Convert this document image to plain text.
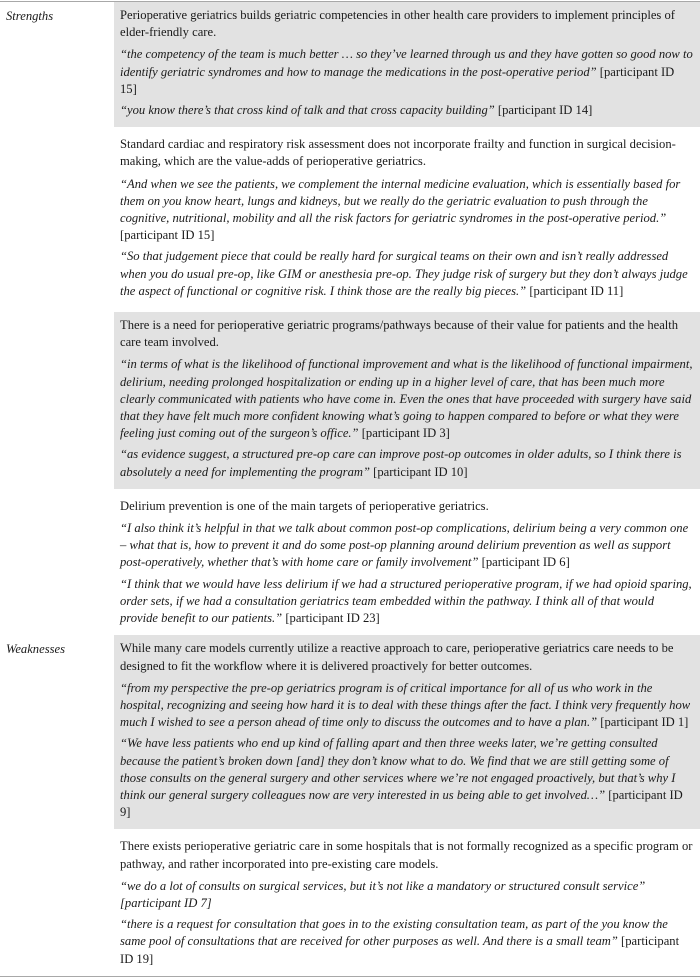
Strengths	Perioperative geriatrics builds geriatric competencies in other health care providers to implement principles of elder-friendly care.

“the competency of the team is much better … so they’ve learned through us and they have gotten so good now to identify geriatric syndromes and how to manage the medications in the post-operative period” [participant ID 15]

“you know there’s that cross kind of talk and that cross capacity building” [participant ID 14]

Standard cardiac and respiratory risk assessment does not incorporate frailty and function in surgical decision-making, which are the value-adds of perioperative geriatrics.

“And when we see the patients, we complement the internal medicine evaluation, which is essentially based for them on you know heart, lungs and kidneys, but we really do the geriatric evaluation to push through the cognitive, nutritional, mobility and all the risk factors for geriatric syndromes in the post-operative period.” [participant ID 15]

“So that judgement piece that could be really hard for surgical teams on their own and isn’t really addressed when you do usual pre-op, like GIM or anesthesia pre-op. They judge risk of surgery but they don’t always judge the aspect of functional or cognitive risk. I think those are the really big pieces.” [participant ID 11]

There is a need for perioperative geriatric programs/pathways because of their value for patients and the health care team involved.

“in terms of what is the likelihood of functional improvement and what is the likelihood of functional impairment, delirium, needing prolonged hospitalization or ending up in a higher level of care, that has been much more clearly communicated with patients who have come in. Even the ones that have proceeded with surgery have said that they have felt much more confident knowing what’s going to happen compared to before or what they were feeling just coming out of the surgeon’s office.” [participant ID 3]

“as evidence suggest, a structured pre-op care can improve post-op outcomes in older adults, so I think there is absolutely a need for implementing the program” [participant ID 10]

Delirium prevention is one of the main targets of perioperative geriatrics.

“I also think it’s helpful in that we talk about common post-op complications, delirium being a very common one – what that is, how to prevent it and do some post-op planning around delirium prevention as well as support post-operatively, whether that’s with home care or family involvement” [participant ID 6]

“I think that we would have less delirium if we had a structured perioperative program, if we had opioid sparing, order sets, if we had a consultation geriatrics team embedded within the pathway. I think all of that would provide benefit to our patients.” [participant ID 23]

Weaknesses	While many care models currently utilize a reactive approach to care, perioperative geriatrics care needs to be designed to fit the workflow where it is delivered proactively for better outcomes.

“from my perspective the pre-op geriatrics program is of critical importance for all of us who work in the hospital, recognizing and seeing how hard it is to deal with these things after the fact. I think very frequently how much I wished to see a person ahead of time only to discuss the outcomes and to have a plan.” [participant ID 1]

“We have less patients who end up kind of falling apart and then three weeks later, we’re getting consulted because the patient’s broken down [and] they don’t know what to do. We find that we are still getting some of those consults on the general surgery and other services where we’re not engaged proactively, but that’s why I think our general surgery colleagues now are very interested in us being able to get involved…” [participant ID 9]

There exists perioperative geriatric care in some hospitals that is not formally recognized as a specific program or pathway, and rather incorporated into pre-existing care models.

“we do a lot of consults on surgical services, but it’s not like a mandatory or structured consult service” [participant ID 7]

“there is a request for consultation that goes in to the existing consultation team, as part of the you know the same pool of consultations that are received for other purposes as well. And there is a small team” [participant ID 19]
